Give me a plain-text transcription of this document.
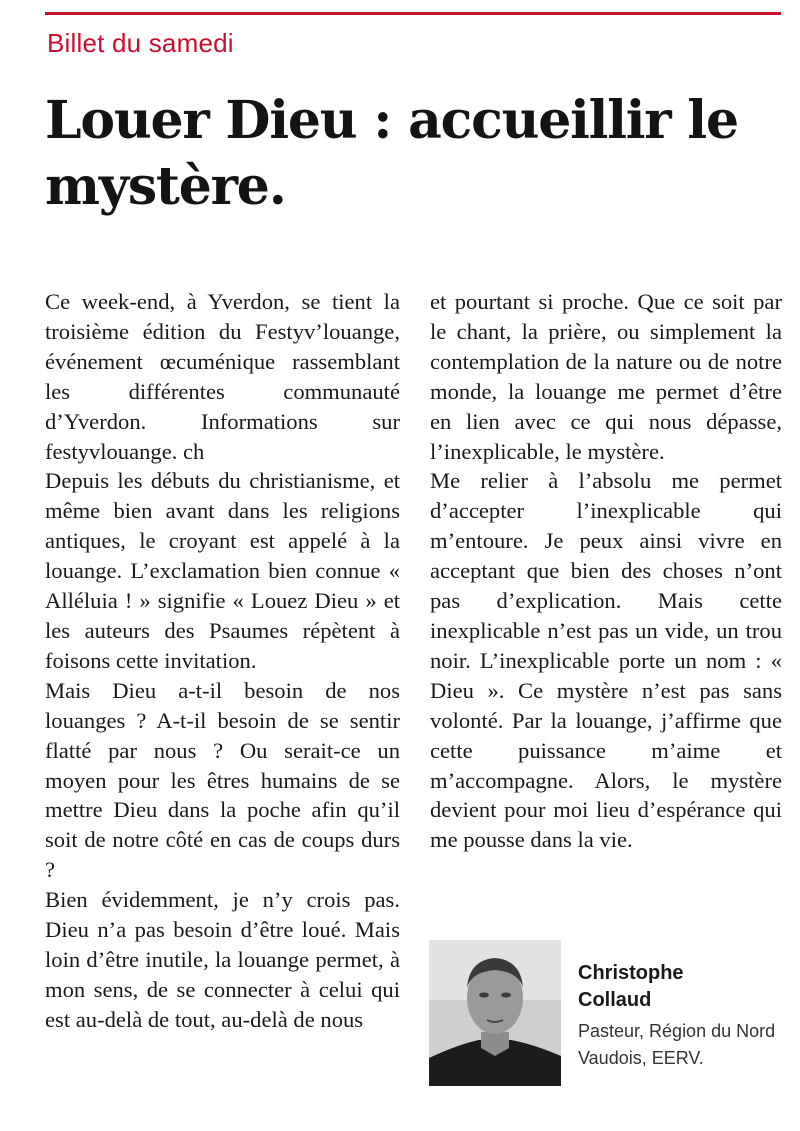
Billet du samedi
Louer Dieu : accueillir le mystère.

Ce week-end, à Yverdon, se tient la troisième édition du Festyv’louange, événement œcuménique rassemblant les différentes communauté d’Yverdon. Informations sur festyvlouange. ch

Depuis les débuts du christianisme, et même bien avant dans les religions antiques, le croyant est appelé à la louange. L’exclamation bien connue « Alléluia ! » signifie « Louez Dieu » et les auteurs des Psaumes répètent à foisons cette invitation.

Mais Dieu a-t-il besoin de nos louanges ? A-t-il besoin de se sentir flatté par nous ? Ou serait-ce un moyen pour les êtres humains de se mettre Dieu dans la poche afin qu’il soit de notre côté en cas de coups durs ?

Bien évidemment, je n’y crois pas. Dieu n’a pas besoin d’être loué. Mais loin d’être inutile, la louange permet, à mon sens, de se connecter à celui qui est au-delà de tout, au-delà de nous

et pourtant si proche. Que ce soit par le chant, la prière, ou simplement la contemplation de la nature ou de notre monde, la louange me permet d’être en lien avec ce qui nous dépasse, l’inexplicable, le mystère.

Me relier à l’absolu me permet d’accepter l’inexplicable qui m’entoure. Je peux ainsi vivre en acceptant que bien des choses n’ont pas d’explication. Mais cette inexplicable n’est pas un vide, un trou noir. L’inexplicable porte un nom : « Dieu ». Ce mystère n’est pas sans volonté. Par la louange, j’affirme que cette puissance m’aime et m’accompagne. Alors, le mystère devient pour moi lieu d’espérance qui me pousse dans la vie.

Christophe
Collaud
Pasteur, Région du Nord
Vaudois, EERV.
